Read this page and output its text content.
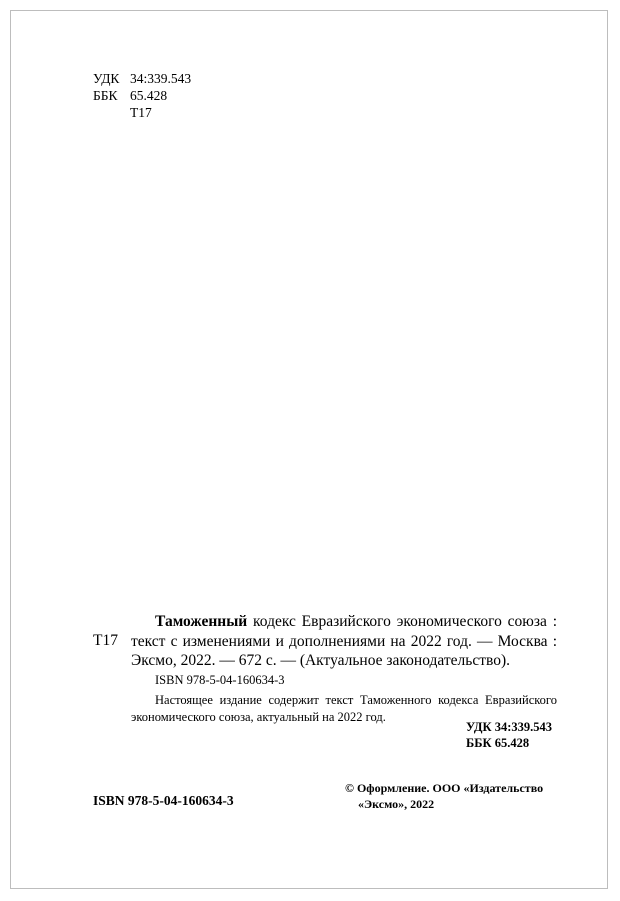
УДК 34:339.543
ББК 65.428
Т17
Т17

Таможенный кодекс Евразийского экономического союза : текст с изменениями и дополнениями на 2022 год. — Москва : Эксмо, 2022. — 672 с. — (Актуальное законодательство).

ISBN 978-5-04-160634-3

Настоящее издание содержит текст Таможенного кодекса Евразийского экономического союза, актуальный на 2022 год.

УДК 34:339.543
ББК 65.428
© Оформление. ООО «Издательство
«Эксмо», 2022
ISBN 978-5-04-160634-3
